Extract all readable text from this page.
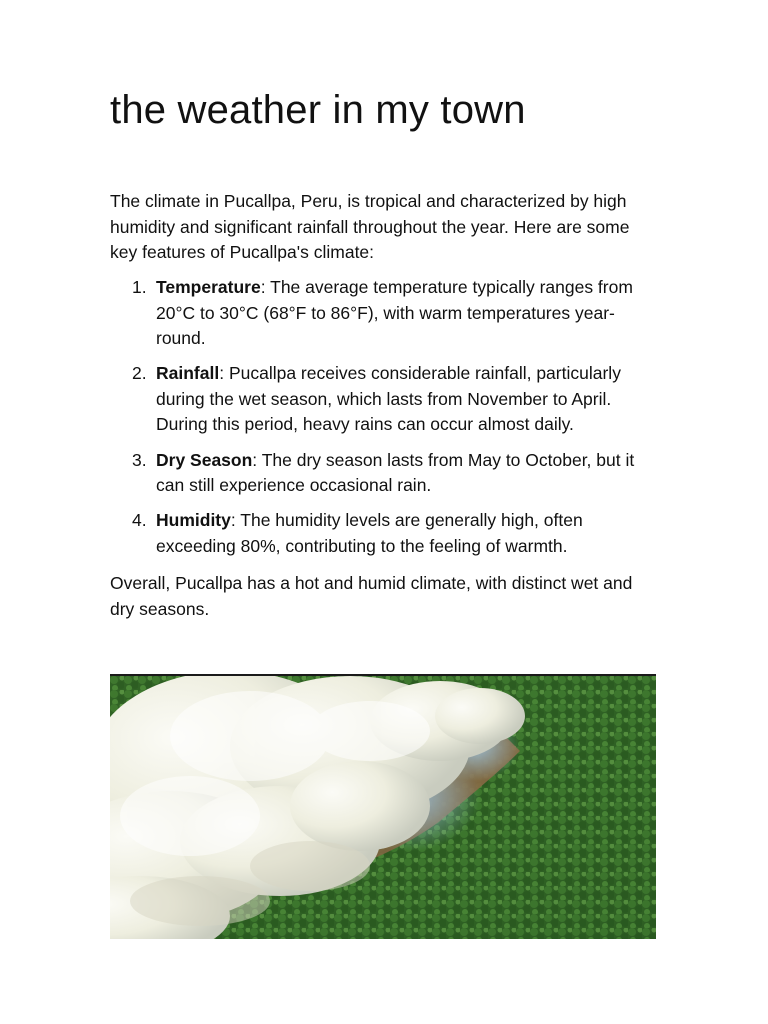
the weather in my town

The climate in Pucallpa, Peru, is tropical and characterized by high humidity and significant rainfall throughout the year. Here are some key features of Pucallpa's climate:

1. Temperature: The average temperature typically ranges from 20°C to 30°C (68°F to 86°F), with warm temperatures year-round.
2. Rainfall: Pucallpa receives considerable rainfall, particularly during the wet season, which lasts from November to April. During this period, heavy rains can occur almost daily.
3. Dry Season: The dry season lasts from May to October, but it can still experience occasional rain.
4. Humidity: The humidity levels are generally high, often exceeding 80%, contributing to the feeling of warmth.

Overall, Pucallpa has a hot and humid climate, with distinct wet and dry seasons.
